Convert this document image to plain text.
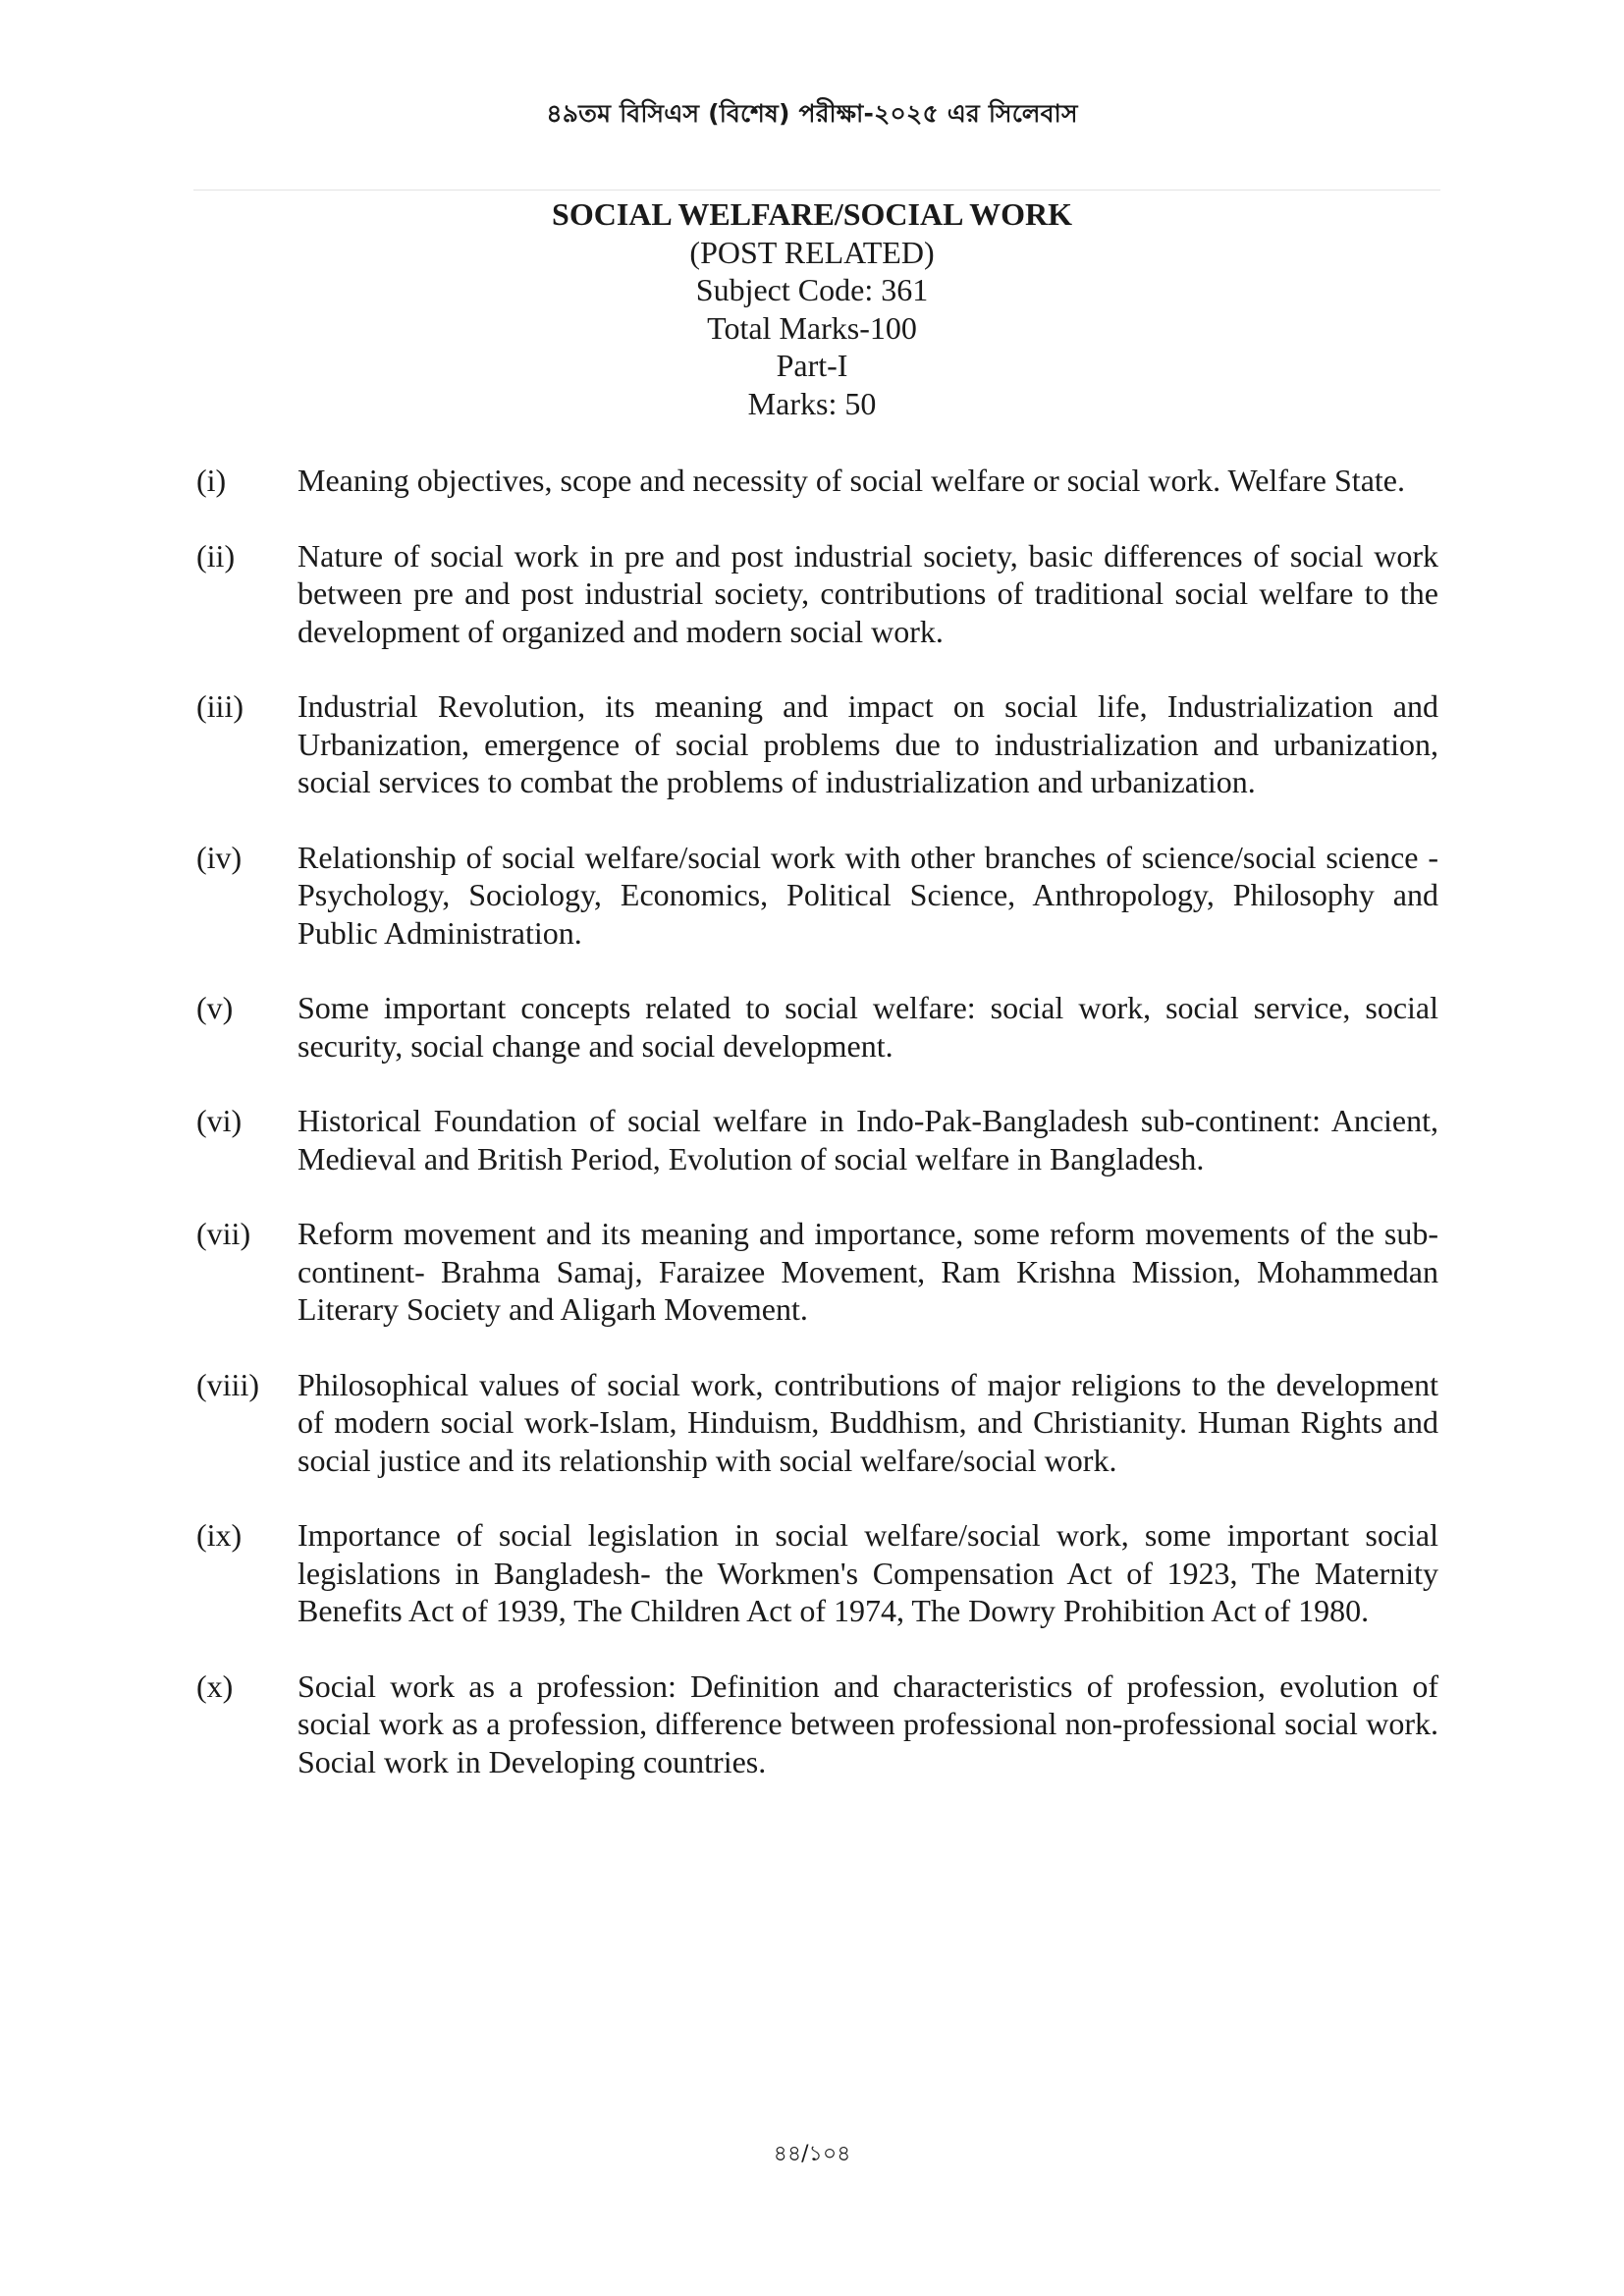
৪৯তম বিসিএস (বিশেষ) পরীক্ষা-২০২৫ এর সিলেবাস
SOCIAL WELFARE/SOCIAL WORK
(POST RELATED)
Subject Code: 361
Total Marks-100
Part-I
Marks: 50
(i) Meaning objectives, scope and necessity of social welfare or social work. Welfare State.
(ii) Nature of social work in pre and post industrial society, basic differences of social work between pre and post industrial society, contributions of traditional social welfare to the development of organized and modern social work.
(iii) Industrial Revolution, its meaning and impact on social life, Industrialization and Urbanization, emergence of social problems due to industrialization and urbanization, social services to combat the problems of industrialization and urbanization.
(iv) Relationship of social welfare/social work with other branches of science/social science - Psychology, Sociology, Economics, Political Science, Anthropology, Philosophy and Public Administration.
(v) Some important concepts related to social welfare: social work, social service, social security, social change and social development.
(vi) Historical Foundation of social welfare in Indo-Pak-Bangladesh sub-continent: Ancient, Medieval and British Period, Evolution of social welfare in Bangladesh.
(vii) Reform movement and its meaning and importance, some reform movements of the sub-continent- Brahma Samaj, Faraizee Movement, Ram Krishna Mission, Mohammedan Literary Society and Aligarh Movement.
(viii) Philosophical values of social work, contributions of major religions to the development of modern social work-Islam, Hinduism, Buddhism, and Christianity. Human Rights and social justice and its relationship with social welfare/social work.
(ix) Importance of social legislation in social welfare/social work, some important social legislations in Bangladesh- the Workmen's Compensation Act of 1923, The Maternity Benefits Act of 1939, The Children Act of 1974, The Dowry Prohibition Act of 1980.
(x) Social work as a profession: Definition and characteristics of profession, evolution of social work as a profession, difference between professional non-professional social work. Social work in Developing countries.
৪৪/১০৪
